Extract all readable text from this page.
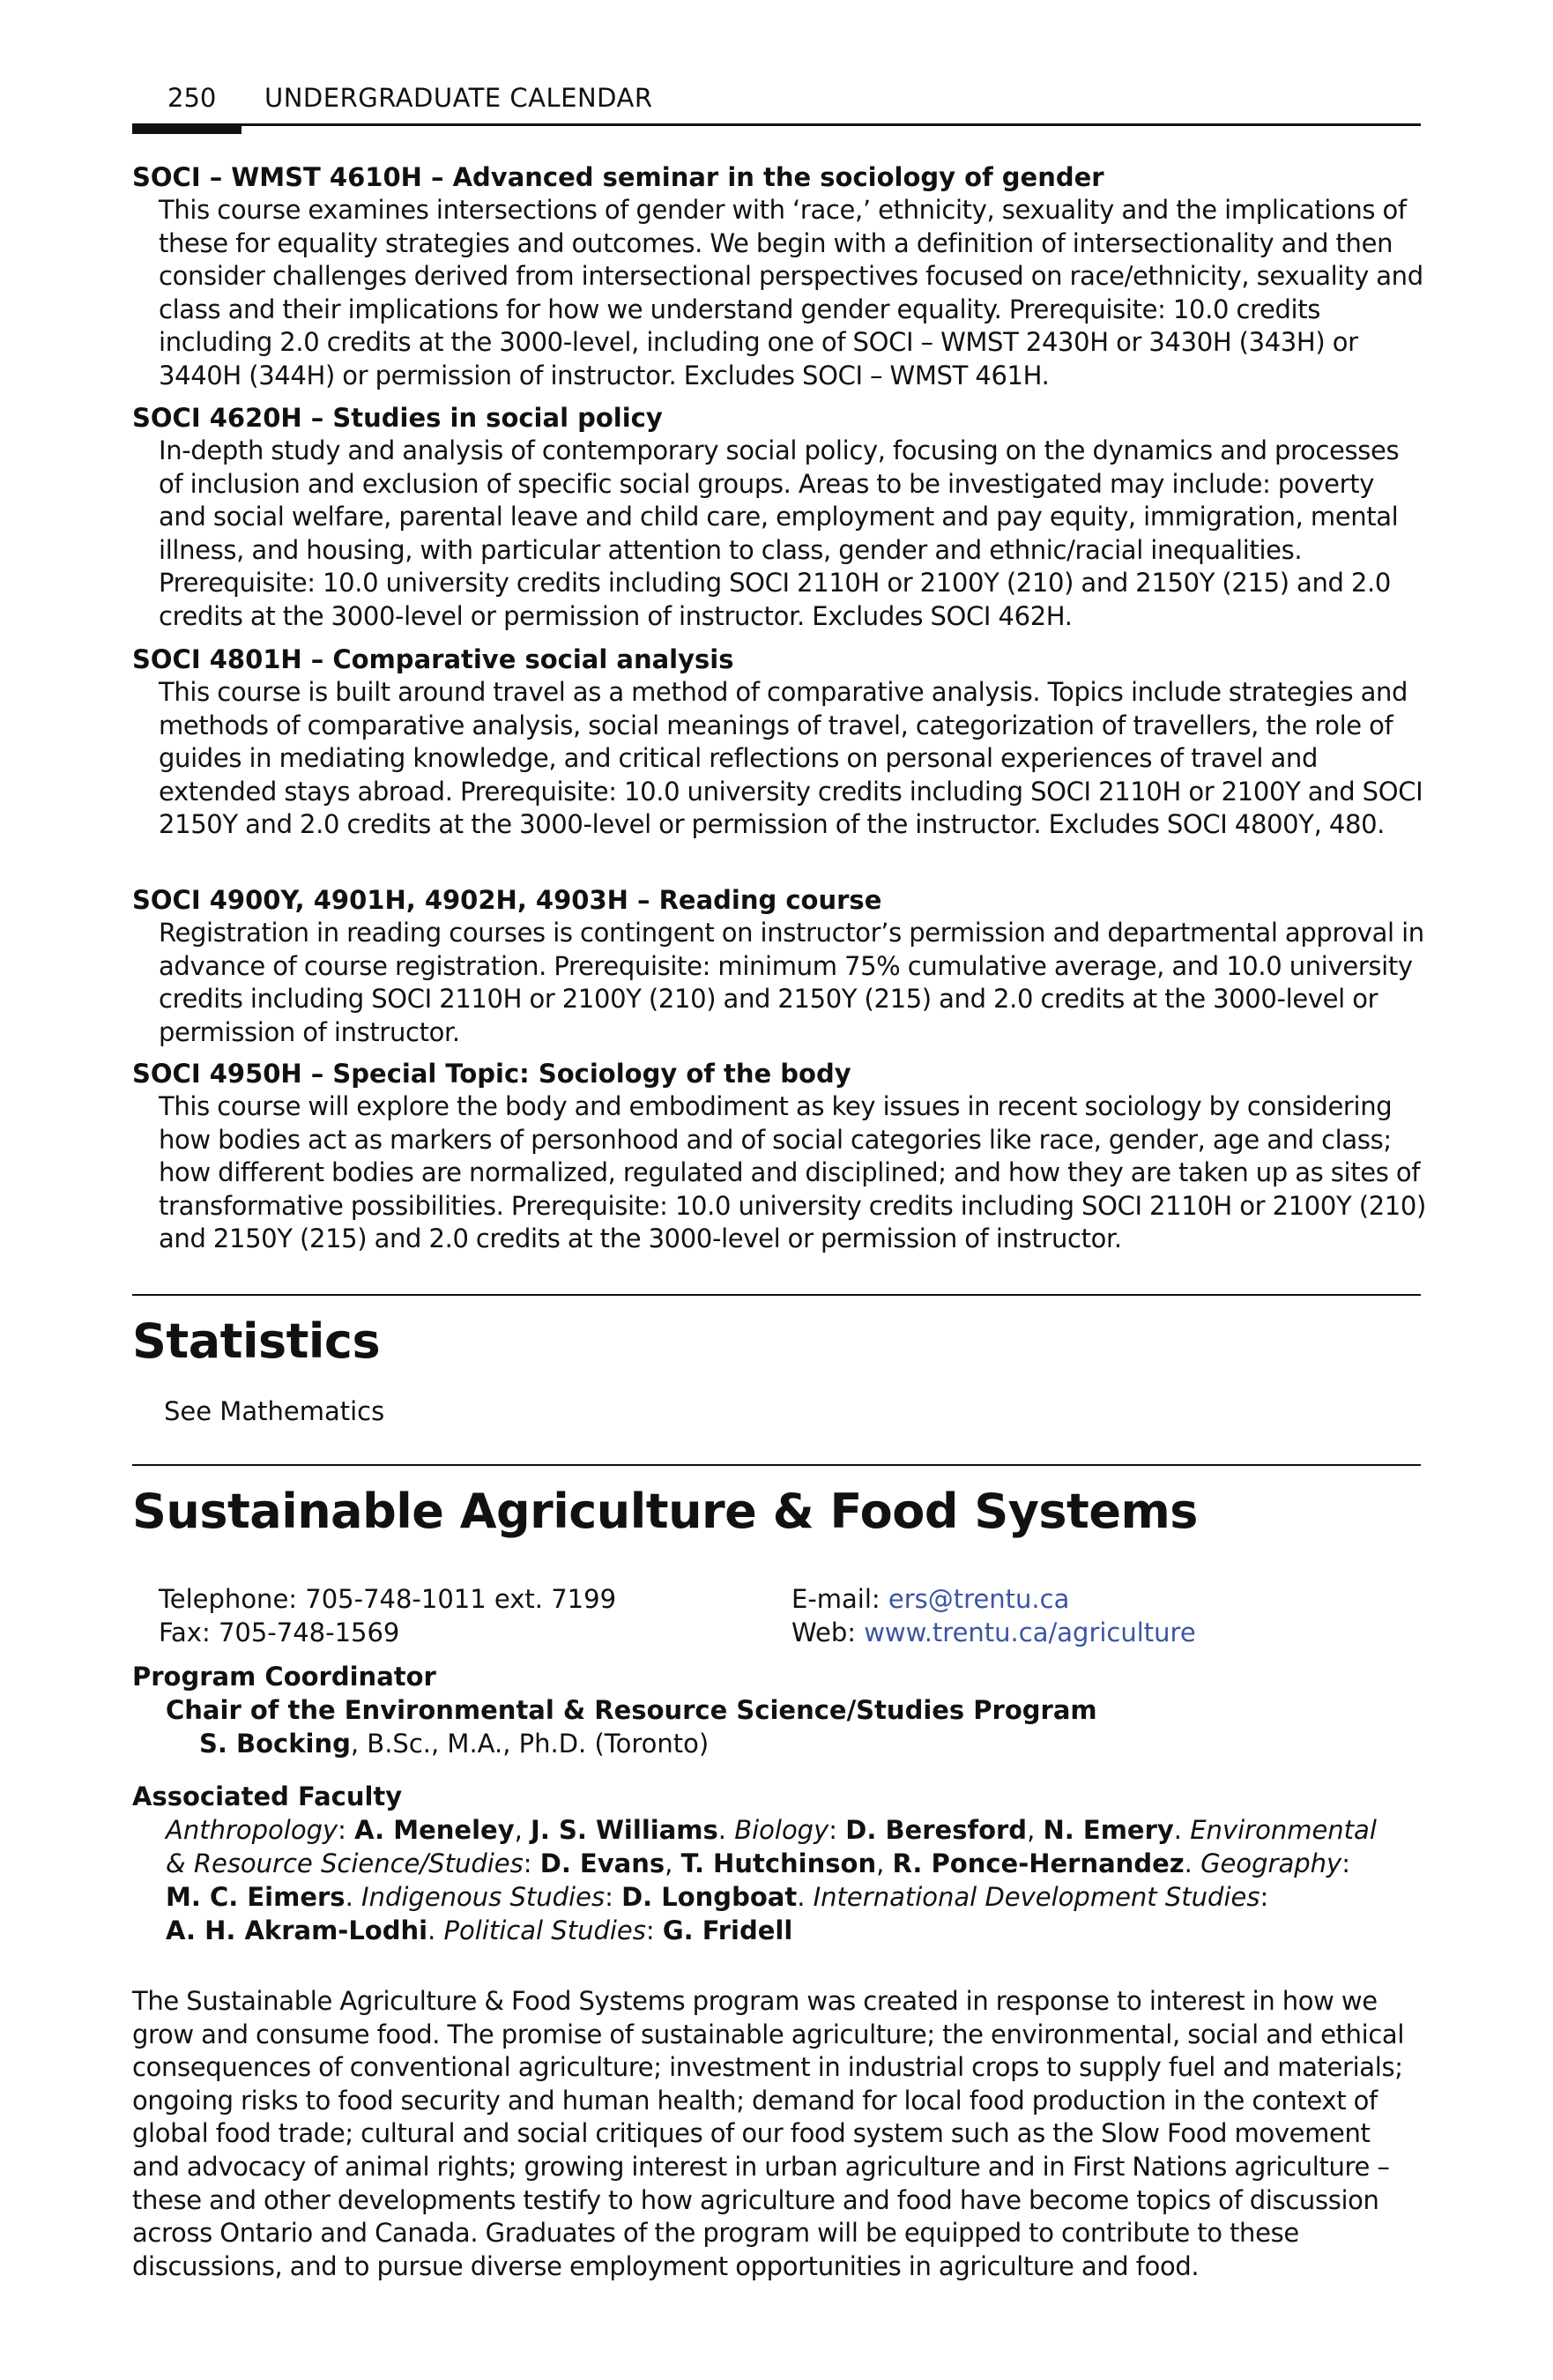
250 UNDERGRADUATE CALENDAR

SOCI – WMST 4610H – Advanced seminar in the sociology of gender

This course examines intersections of gender with ‘race,’ ethnicity, sexuality and the implications of these for equality strategies and outcomes. We begin with a definition of intersectionality and then consider challenges derived from intersectional perspectives focused on race/ethnicity, sexuality and class and their implications for how we understand gender equality. Prerequisite: 10.0 credits including 2.0 credits at the 3000-level, including one of SOCI – WMST 2430H or 3430H (343H) or 3440H (344H) or permission of instructor. Excludes SOCI – WMST 461H.

SOCI 4620H – Studies in social policy

In-depth study and analysis of contemporary social policy, focusing on the dynamics and processes of inclusion and exclusion of specific social groups. Areas to be investigated may include: poverty and social welfare, parental leave and child care, employment and pay equity, immigration, mental illness, and housing, with particular attention to class, gender and ethnic/racial inequalities. Prerequisite: 10.0 university credits including SOCI 2110H or 2100Y (210) and 2150Y (215) and 2.0 credits at the 3000-level or permission of instructor. Excludes SOCI 462H.

SOCI 4801H – Comparative social analysis

This course is built around travel as a method of comparative analysis. Topics include strategies and methods of comparative analysis, social meanings of travel, categorization of travellers, the role of guides in mediating knowledge, and critical reflections on personal experiences of travel and extended stays abroad. Prerequisite: 10.0 university credits including SOCI 2110H or 2100Y and SOCI 2150Y and 2.0 credits at the 3000-level or permission of the instructor. Excludes SOCI 4800Y, 480.

SOCI 4900Y, 4901H, 4902H, 4903H – Reading course

Registration in reading courses is contingent on instructor’s permission and departmental approval in advance of course registration. Prerequisite: minimum 75% cumulative average, and 10.0 university credits including SOCI 2110H or 2100Y (210) and 2150Y (215) and 2.0 credits at the 3000-level or permission of instructor.

SOCI 4950H – Special Topic: Sociology of the body

This course will explore the body and embodiment as key issues in recent sociology by considering how bodies act as markers of personhood and of social categories like race, gender, age and class; how different bodies are normalized, regulated and disciplined; and how they are taken up as sites of transformative possibilities. Prerequisite: 10.0 university credits including SOCI 2110H or 2100Y (210) and 2150Y (215) and 2.0 credits at the 3000-level or permission of instructor.

Statistics

See Mathematics

Sustainable Agriculture & Food Systems

Telephone: 705-748-1011 ext. 7199

Fax: 705-748-1569

E-mail: ers@trentu.ca

Web: www.trentu.ca/agriculture

Program Coordinator

Chair of the Environmental & Resource Science/Studies Program

S. Bocking, B.Sc., M.A., Ph.D. (Toronto)

Associated Faculty

Anthropology: A. Meneley, J. S. Williams. Biology: D. Beresford, N. Emery. Environmental

& Resource Science/Studies: D. Evans, T. Hutchinson, R. Ponce-Hernandez. Geography:

M. C. Eimers. Indigenous Studies: D. Longboat. International Development Studies:

A. H. Akram-Lodhi. Political Studies: G. Fridell

The Sustainable Agriculture & Food Systems program was created in response to interest in how we grow and consume food. The promise of sustainable agriculture; the environmental, social and ethical consequences of conventional agriculture; investment in industrial crops to supply fuel and materials; ongoing risks to food security and human health; demand for local food production in the context of global food trade; cultural and social critiques of our food system such as the Slow Food movement and advocacy of animal rights; growing interest in urban agriculture and in First Nations agriculture – these and other developments testify to how agriculture and food have become topics of discussion across Ontario and Canada. Graduates of the program will be equipped to contribute to these discussions, and to pursue diverse employment opportunities in agriculture and food.
